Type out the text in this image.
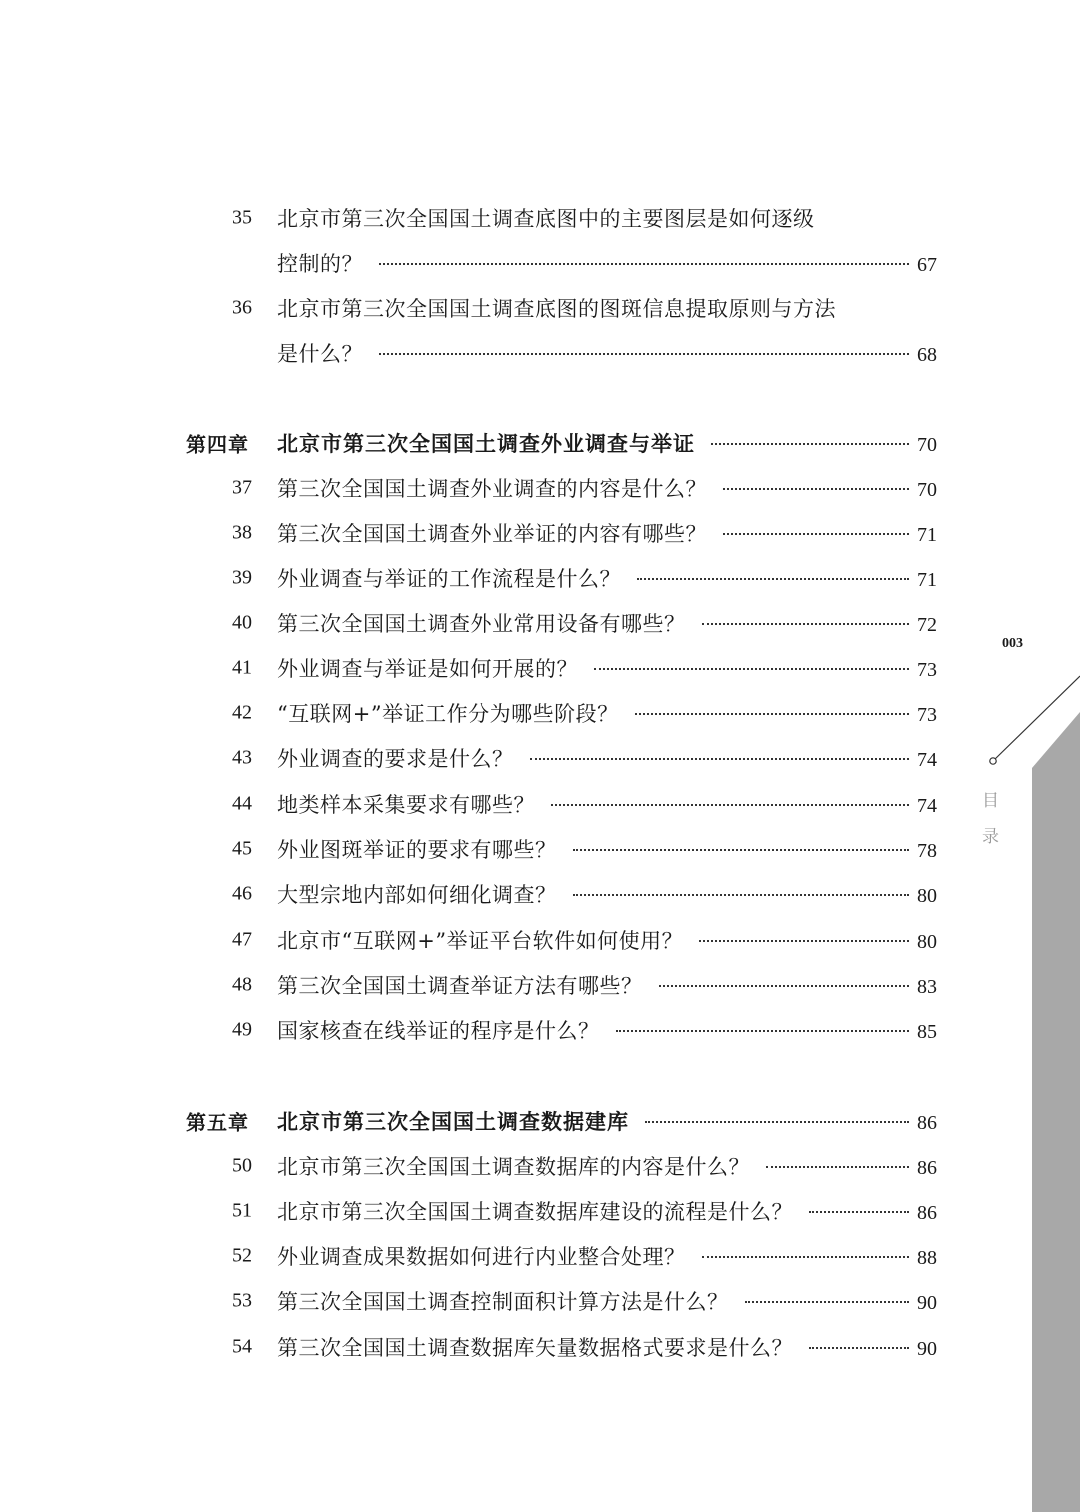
003
目
录
35 北京市第三次全国国土调查底图中的主要图层是如何逐级
控制的？	67
36 北京市第三次全国国土调查底图的图斑信息提取原则与方法
是什么？	68
第四章 北京市第三次全国国土调查外业调查与举证	70
37 第三次全国国土调查外业调查的内容是什么？	70
38 第三次全国国土调查外业举证的内容有哪些？	71
39 外业调查与举证的工作流程是什么？	71
40 第三次全国国土调查外业常用设备有哪些？	72
41 外业调查与举证是如何开展的？	73
42 “互联网+”举证工作分为哪些阶段？	73
43 外业调查的要求是什么？	74
44 地类样本采集要求有哪些？	74
45 外业图斑举证的要求有哪些？	78
46 大型宗地内部如何细化调查？	80
47 北京市“互联网+”举证平台软件如何使用？	80
48 第三次全国国土调查举证方法有哪些？	83
49 国家核查在线举证的程序是什么？	85
第五章 北京市第三次全国国土调查数据建库	86
50 北京市第三次全国国土调查数据库的内容是什么？	86
51 北京市第三次全国国土调查数据库建设的流程是什么？	86
52 外业调查成果数据如何进行内业整合处理？	88
53 第三次全国国土调查控制面积计算方法是什么？	90
54 第三次全国国土调查数据库矢量数据格式要求是什么？	90
